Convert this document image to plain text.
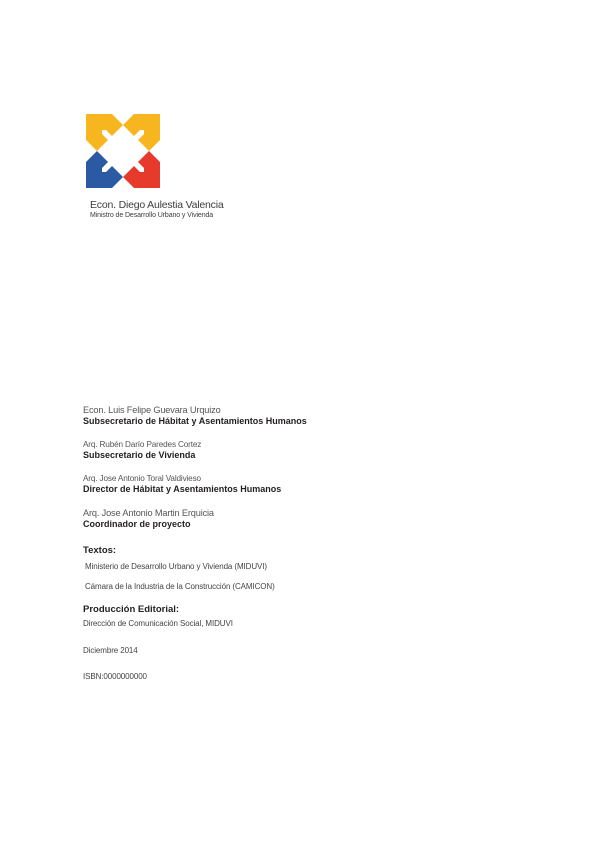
Econ. Diego Aulestia Valencia
Ministro de Desarrollo Urbano y Vivienda
Econ. Luis Felipe Guevara Urquizo
Subsecretario de Hábitat y Asentamientos Humanos
Arq. Rubén Darío Paredes Cortez
Subsecretario de Vivienda
Arq. Jose Antonio Toral Valdivieso
Director de Hábitat y Asentamientos Humanos
Arq. Jose Antonio Martin Erquicia
Coordinador de proyecto
Textos:
Ministerio de Desarrollo Urbano y Vivienda (MIDUVI)
Cámara de la Industria de la Construcción (CAMICON)
Producción Editorial:
Dirección de Comunicación Social, MIDUVI
Diciembre 2014
ISBN:0000000000
